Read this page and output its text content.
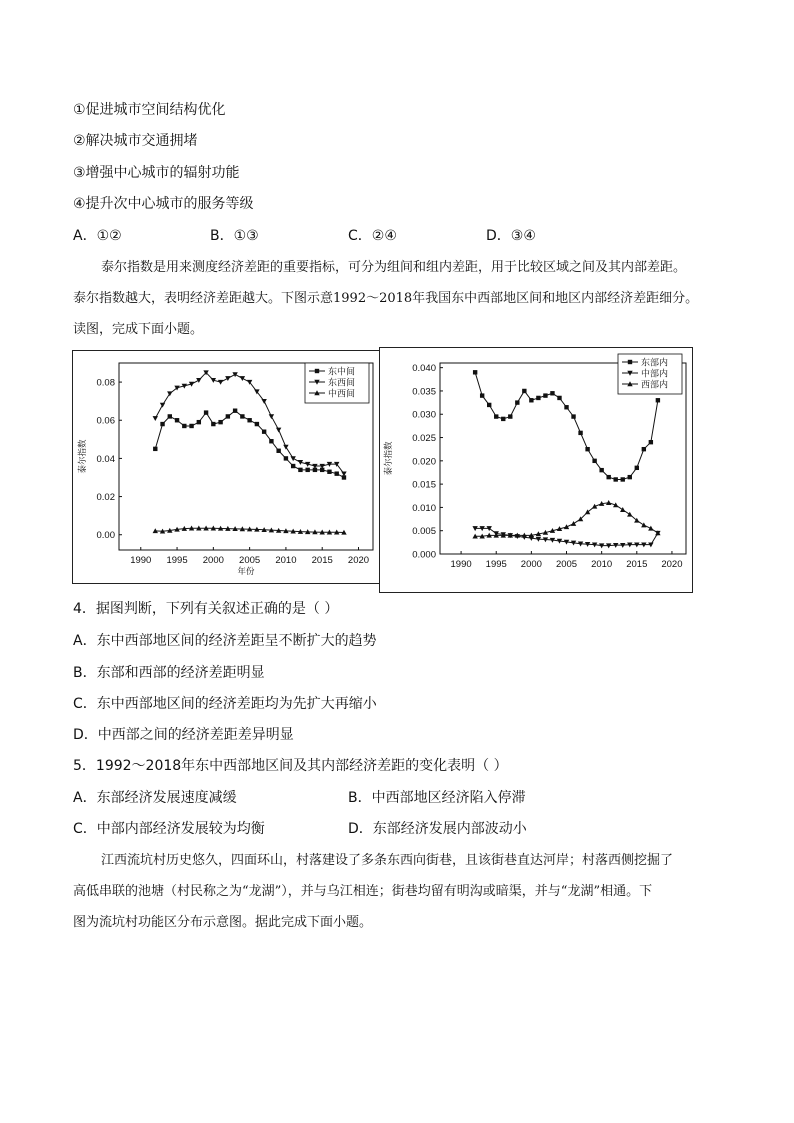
①促进城市空间结构优化
②解决城市交通拥堵
③增强中心城市的辐射功能
④提升次中心城市的服务等级
A．①②	B．①③	C．②④	D．③④
泰尔指数是用来测度经济差距的重要指标，可分为组间和组内差距，用于比较区域之间及其内部差距。
泰尔指数越大，表明经济差距越大。下图示意1992～2018年我国东中西部地区间和地区内部经济差距细分。
读图，完成下面小题。
1990 1995 2000 2005 2010 2015 2020
0.00
0.02
0.04
0.06
0.08
泰尔指数
年份
东中间
东西间
中西间
1990 1995 2000 2005 2010 2015 2020
0.000
0.005
0.010
0.015
0.020
0.025
0.030
0.035
0.040
泰尔指数
东部内
中部内
西部内
4．据图判断，下列有关叙述正确的是（ ）
A．东中西部地区间的经济差距呈不断扩大的趋势
B．东部和西部的经济差距明显
C．东中西部地区间的经济差距均为先扩大再缩小
D．中西部之间的经济差距差异明显
5．1992～2018年东中西部地区间及其内部经济差距的变化表明（ ）
A．东部经济发展速度减缓	B．中西部地区经济陷入停滞
C．中部内部经济发展较为均衡	D．东部经济发展内部波动小
江西流坑村历史悠久，四面环山，村落建设了多条东西向街巷，且该街巷直达河岸；村落西侧挖掘了
高低串联的池塘（村民称之为“龙湖”），并与乌江相连；街巷均留有明沟或暗渠，并与“龙湖”相通。下
图为流坑村功能区分布示意图。据此完成下面小题。
